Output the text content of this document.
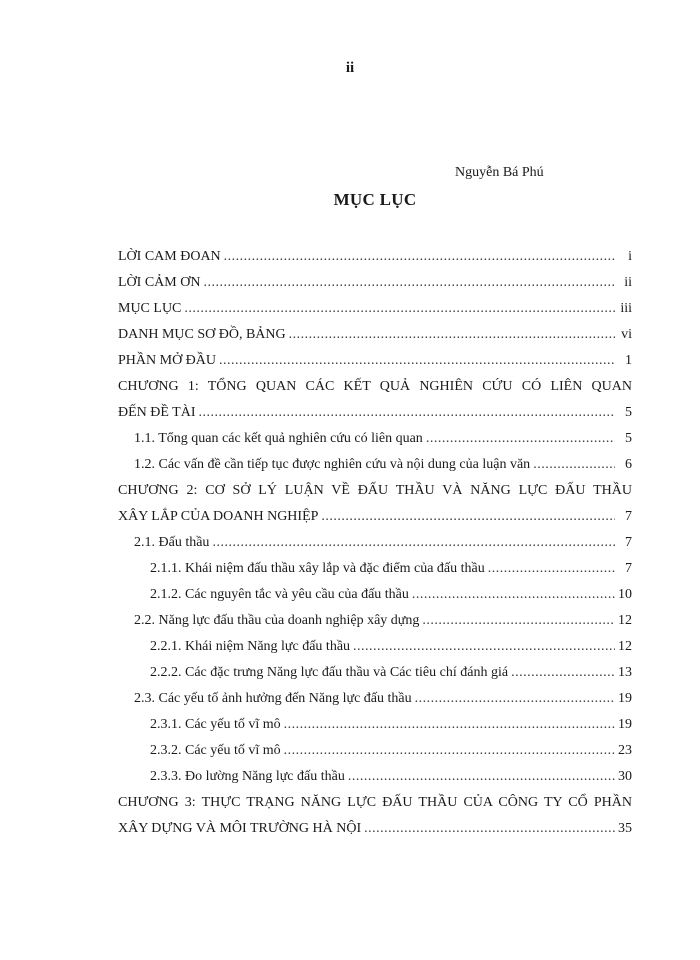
ii
Nguyễn Bá Phú
MỤC LỤC
LỜI CAM ĐOAN .....	i
LỜI CẢM ƠN .....	ii
MỤC LỤC .....	iii
DANH MỤC SƠ ĐỒ, BẢNG .....	vi
PHẦN MỞ ĐẦU .....	1
CHƯƠNG 1: TỔNG QUAN CÁC KẾT QUẢ NGHIÊN CỨU CÓ LIÊN QUAN
ĐẾN ĐỀ TÀI .....	5
1.1. Tổng quan các kết quả nghiên cứu có liên quan .....	5
1.2. Các vấn đề cần tiếp tục được nghiên cứu và nội dung của luận văn .....	6
CHƯƠNG 2: CƠ SỞ LÝ LUẬN VỀ ĐẤU THẦU VÀ NĂNG LỰC ĐẤU THẦU
XÂY LẮP CỦA DOANH NGHIỆP .....	7
2.1. Đấu thầu .....	7
2.1.1. Khái niệm đấu thầu xây lắp và đặc điểm của đấu thầu .....	7
2.1.2. Các nguyên tắc và yêu cầu của đấu thầu .....	10
2.2. Năng lực đấu thầu của doanh nghiệp xây dựng .....	12
2.2.1. Khái niệm Năng lực đấu thầu .....	12
2.2.2. Các đặc trưng Năng lực đấu thầu và Các tiêu chí đánh giá .....	13
2.3. Các yếu tố ảnh hưởng đến Năng lực đấu thầu .....	19
2.3.1. Các yếu tố vĩ mô .....	19
2.3.2. Các yếu tố vĩ mô .....	23
2.3.3. Đo lường Năng lực đấu thầu .....	30
CHƯƠNG 3: THỰC TRẠNG NĂNG LỰC ĐẤU THẦU CỦA CÔNG TY CỔ PHẦN
XÂY DỰNG VÀ MÔI TRƯỜNG HÀ NỘI .....	35
